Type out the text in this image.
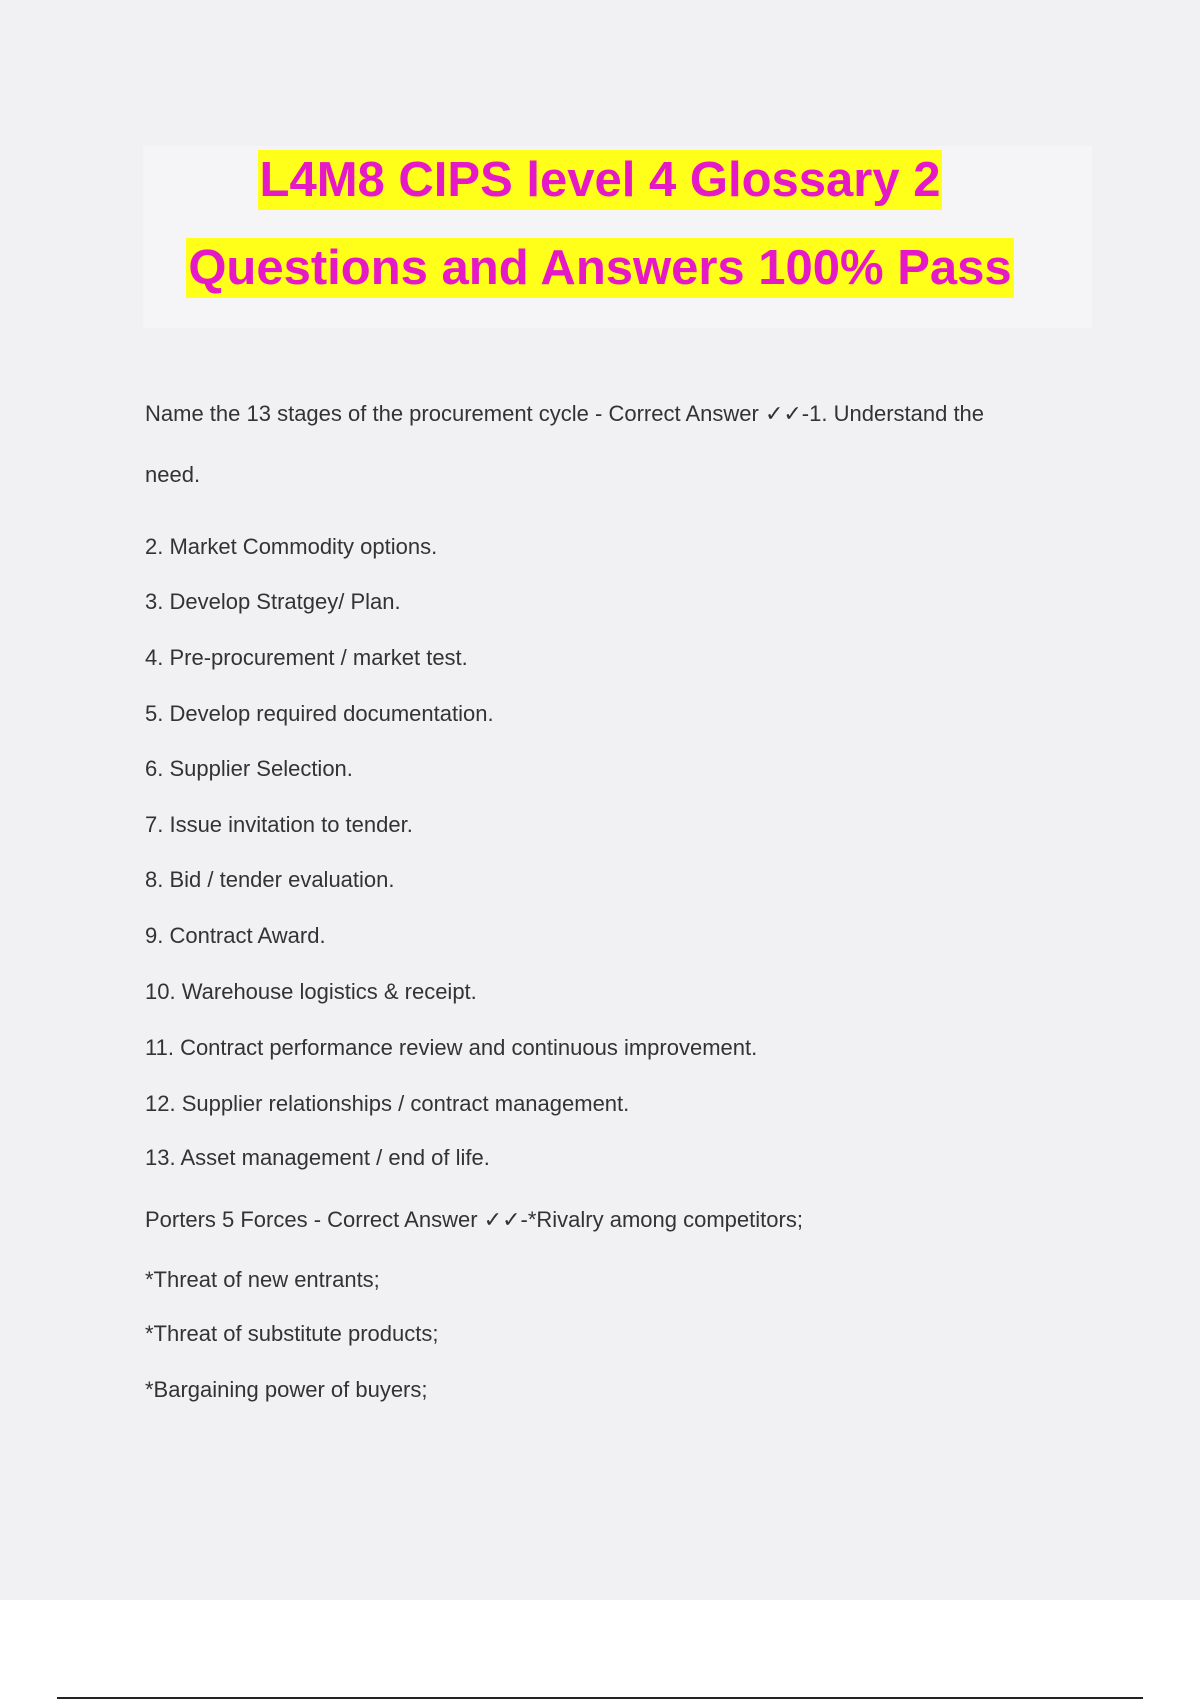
L4M8 CIPS level 4 Glossary 2
Questions and Answers 100% Pass
Name the 13 stages of the procurement cycle - Correct Answer ✓✓-1. Understand the
need.
2. Market Commodity options.
3. Develop Stratgey/ Plan.
4. Pre-procurement / market test.
5. Develop required documentation.
6. Supplier Selection.
7. Issue invitation to tender.
8. Bid / tender evaluation.
9. Contract Award.
10. Warehouse logistics & receipt.
11. Contract performance review and continuous improvement.
12. Supplier relationships / contract management.
13. Asset management / end of life.
Porters 5 Forces - Correct Answer ✓✓-*Rivalry among competitors;
*Threat of new entrants;
*Threat of substitute products;
*Bargaining power of buyers;
